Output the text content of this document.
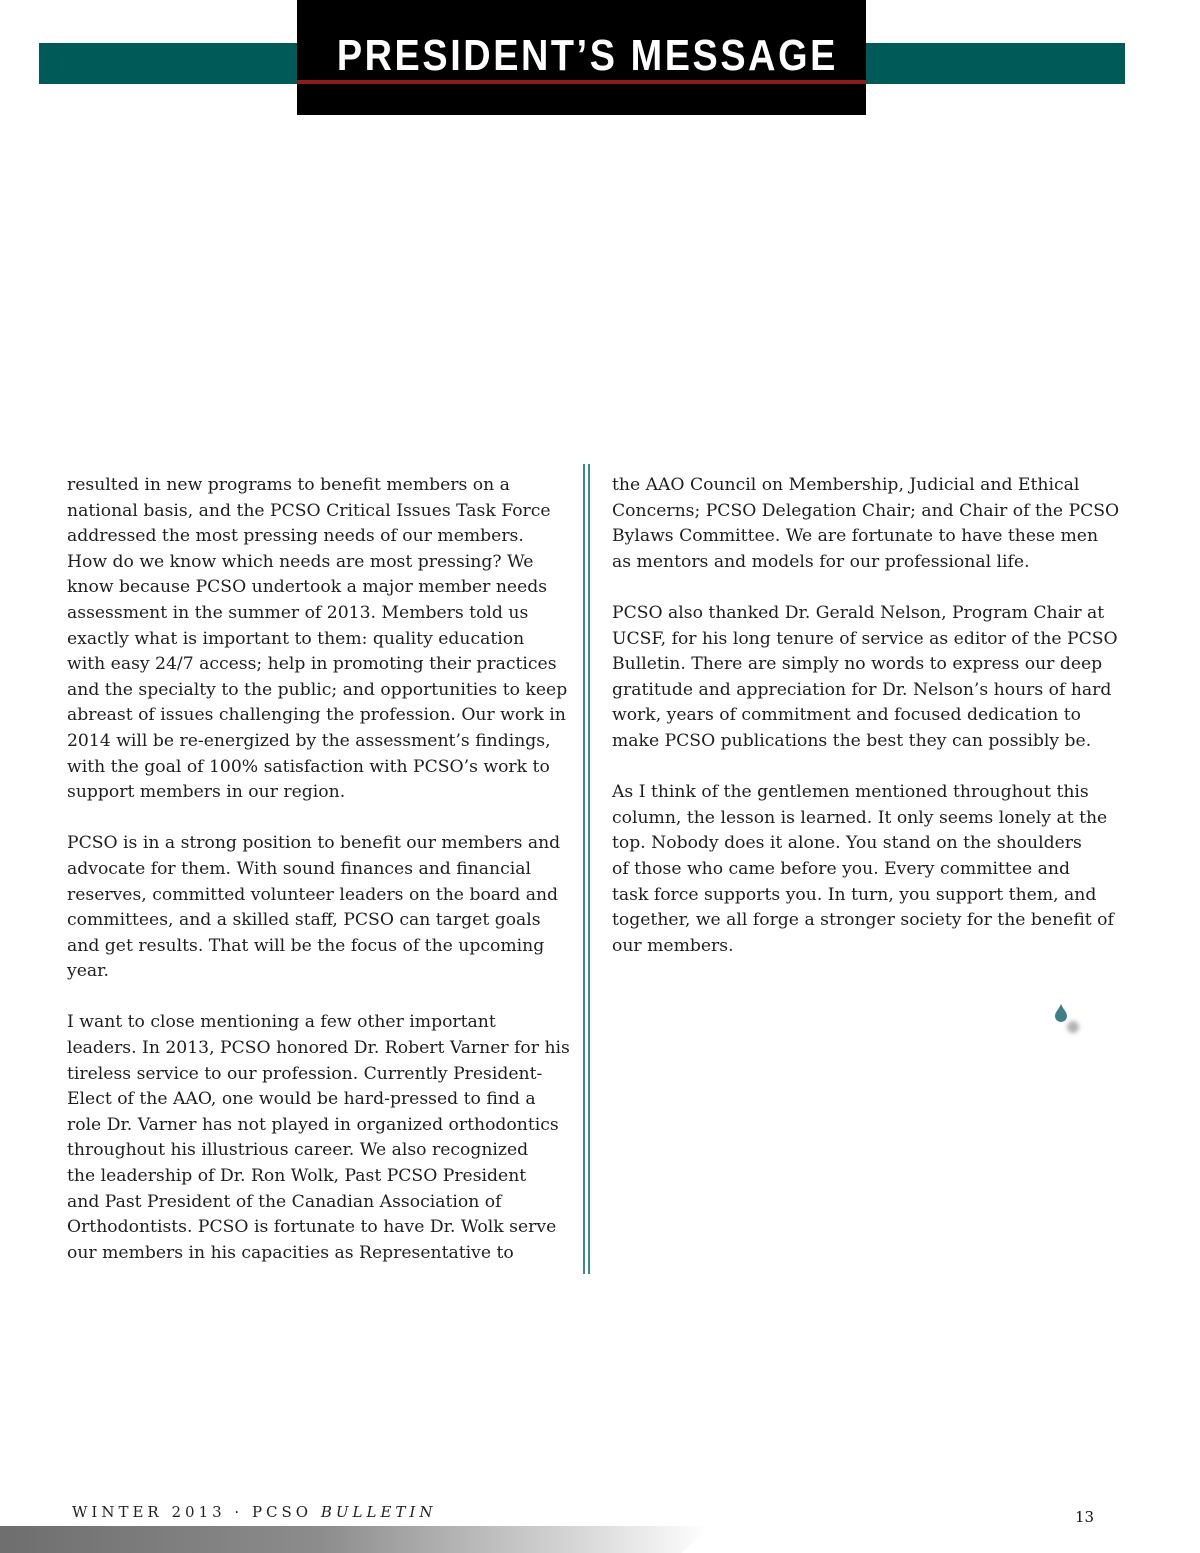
PRESIDENT’S MESSAGE
resulted in new programs to benefit members on a
national basis, and the PCSO Critical Issues Task Force
addressed the most pressing needs of our members.
How do we know which needs are most pressing? We
know because PCSO undertook a major member needs
assessment in the summer of 2013. Members told us
exactly what is important to them: quality education
with easy 24/7 access; help in promoting their practices
and the specialty to the public; and opportunities to keep
abreast of issues challenging the profession. Our work in
2014 will be re-energized by the assessment’s findings,
with the goal of 100% satisfaction with PCSO’s work to
support members in our region.
PCSO is in a strong position to benefit our members and
advocate for them. With sound finances and financial
reserves, committed volunteer leaders on the board and
committees, and a skilled staff, PCSO can target goals
and get results. That will be the focus of the upcoming
year.
I want to close mentioning a few other important
leaders. In 2013, PCSO honored Dr. Robert Varner for his
tireless service to our profession. Currently President-
Elect of the AAO, one would be hard-pressed to find a
role Dr. Varner has not played in organized orthodontics
throughout his illustrious career. We also recognized
the leadership of Dr. Ron Wolk, Past PCSO President
and Past President of the Canadian Association of
Orthodontists. PCSO is fortunate to have Dr. Wolk serve
our members in his capacities as Representative to
the AAO Council on Membership, Judicial and Ethical
Concerns; PCSO Delegation Chair; and Chair of the PCSO
Bylaws Committee. We are fortunate to have these men
as mentors and models for our professional life.
PCSO also thanked Dr. Gerald Nelson, Program Chair at
UCSF, for his long tenure of service as editor of the PCSO
Bulletin. There are simply no words to express our deep
gratitude and appreciation for Dr. Nelson’s hours of hard
work, years of commitment and focused dedication to
make PCSO publications the best they can possibly be.
As I think of the gentlemen mentioned throughout this
column, the lesson is learned. It only seems lonely at the
top. Nobody does it alone. You stand on the shoulders
of those who came before you. Every committee and
task force supports you. In turn, you support them, and
together, we all forge a stronger society for the benefit of
our members.
WINTER 2013 · PCSO BULLETIN	13
